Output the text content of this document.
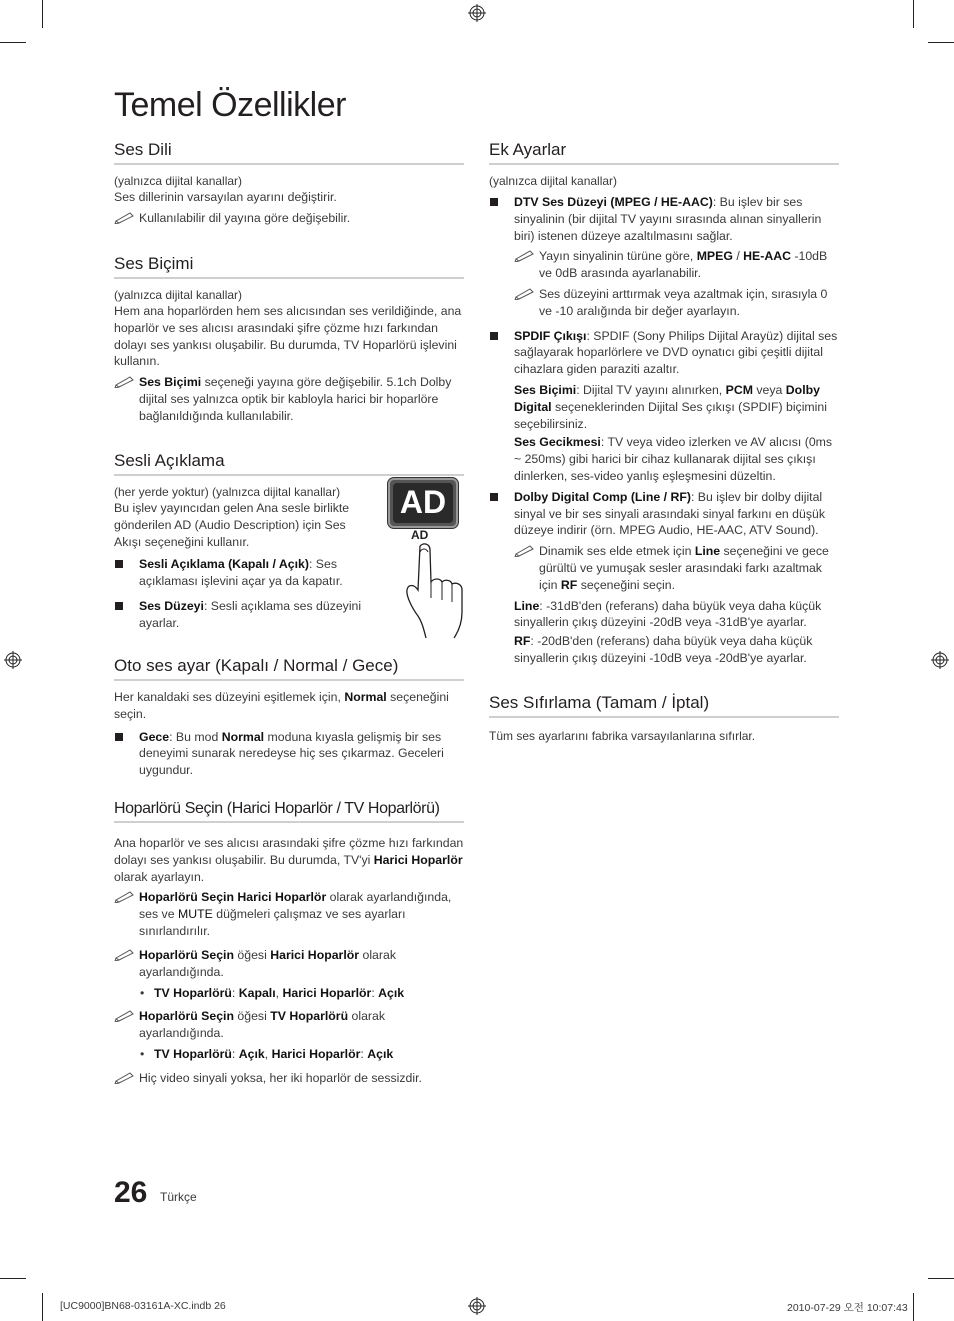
Temel Özellikler
Ses Dili

(yalnızca dijital kanallar)

Ses dillerinin varsayılan ayarını değiştirir.

Kullanılabilir dil yayına göre değişebilir.
Ses Biçimi

(yalnızca dijital kanallar)

Hem ana hoparlörden hem ses alıcısından ses verildiğinde, ana hoparlör ve ses alıcısı arasındaki şifre çözme hızı farkından dolayı ses yankısı oluşabilir. Bu durumda, TV Hoparlörü işlevini kullanın.

Ses Biçimi seçeneği yayına göre değişebilir. 5.1ch Dolby dijital ses yalnızca optik bir kabloyla harici bir hoparlöre bağlanıldığında kullanılabilir.
Sesli Açıklama

(her yerde yoktur) (yalnızca dijital kanallar)

Bu işlev yayıncıdan gelen Ana sesle birlikte gönderilen AD (Audio Description) için Ses Akışı seçeneğini kullanır.

Sesli Açıklama (Kapalı / Açık): Ses açıklaması işlevini açar ya da kapatır.
Ses Düzeyi: Sesli açıklama ses düzeyini ayarlar.
AD
AD
Oto ses ayar (Kapalı / Normal / Gece)

Her kanaldaki ses düzeyini eşitlemek için, Normal seçeneğini seçin.

Gece: Bu mod Normal moduna kıyasla gelişmiş bir ses deneyimi sunarak neredeyse hiç ses çıkarmaz. Geceleri uygundur.
Hoparlörü Seçin (Harici Hoparlör / TV Hoparlörü)

Ana hoparlör ve ses alıcısı arasındaki şifre çözme hızı farkından dolayı ses yankısı oluşabilir. Bu durumda, TV'yi Harici Hoparlör olarak ayarlayın.

Hoparlörü Seçin Harici Hoparlör olarak ayarlandığında, ses ve MUTE düğmeleri çalışmaz ve ses ayarları sınırlandırılır.
Hoparlörü Seçin öğesi Harici Hoparlör olarak ayarlandığında.
• TV Hoparlörü: Kapalı, Harici Hoparlör: Açık
Hoparlörü Seçin öğesi TV Hoparlörü olarak ayarlandığında.
• TV Hoparlörü: Açık, Harici Hoparlör: Açık
Hiç video sinyali yoksa, her iki hoparlör de sessizdir.
Ek Ayarlar

(yalnızca dijital kanallar)

DTV Ses Düzeyi (MPEG / HE-AAC): Bu işlev bir ses sinyalinin (bir dijital TV yayını sırasında alınan sinyallerin biri) istenen düzeye azaltılmasını sağlar.
Yayın sinyalinin türüne göre, MPEG / HE-AAC -10dB ve 0dB arasında ayarlanabilir.
Ses düzeyini arttırmak veya azaltmak için, sırasıyla 0 ve -10 aralığında bir değer ayarlayın.
SPDIF Çıkışı: SPDIF (Sony Philips Dijital Arayüz) dijital ses sağlayarak hoparlörlere ve DVD oynatıcı gibi çeşitli dijital cihazlara giden paraziti azaltır.

Ses Biçimi: Dijital TV yayını alınırken, PCM veya Dolby Digital seçeneklerinden Dijital Ses çıkışı (SPDIF) biçimini seçebilirsiniz.

Ses Gecikmesi: TV veya video izlerken ve AV alıcısı (0ms ~ 250ms) gibi harici bir cihaz kullanarak dijital ses çıkışı dinlerken, ses-video yanlış eşleşmesini düzeltin.

Dolby Digital Comp (Line / RF): Bu işlev bir dolby dijital sinyal ve bir ses sinyali arasındaki sinyal farkını en düşük düzeye indirir (örn. MPEG Audio, HE-AAC, ATV Sound).
Dinamik ses elde etmek için Line seçeneğini ve gece gürültü ve yumuşak sesler arasındaki farkı azaltmak için RF seçeneğini seçin.

Line: -31dB'den (referans) daha büyük veya daha küçük sinyallerin çıkış düzeyini -20dB veya -31dB'ye ayarlar.

RF: -20dB'den (referans) daha büyük veya daha küçük sinyallerin çıkış düzeyini -10dB veya -20dB'ye ayarlar.

Ses Sıfırlama (Tamam / İptal)

Tüm ses ayarlarını fabrika varsayılanlarına sıfırlar.

26 Türkçe
[UC9000]BN68-03161A-XC.indb 26	2010-07-29 오전 10:07:43
